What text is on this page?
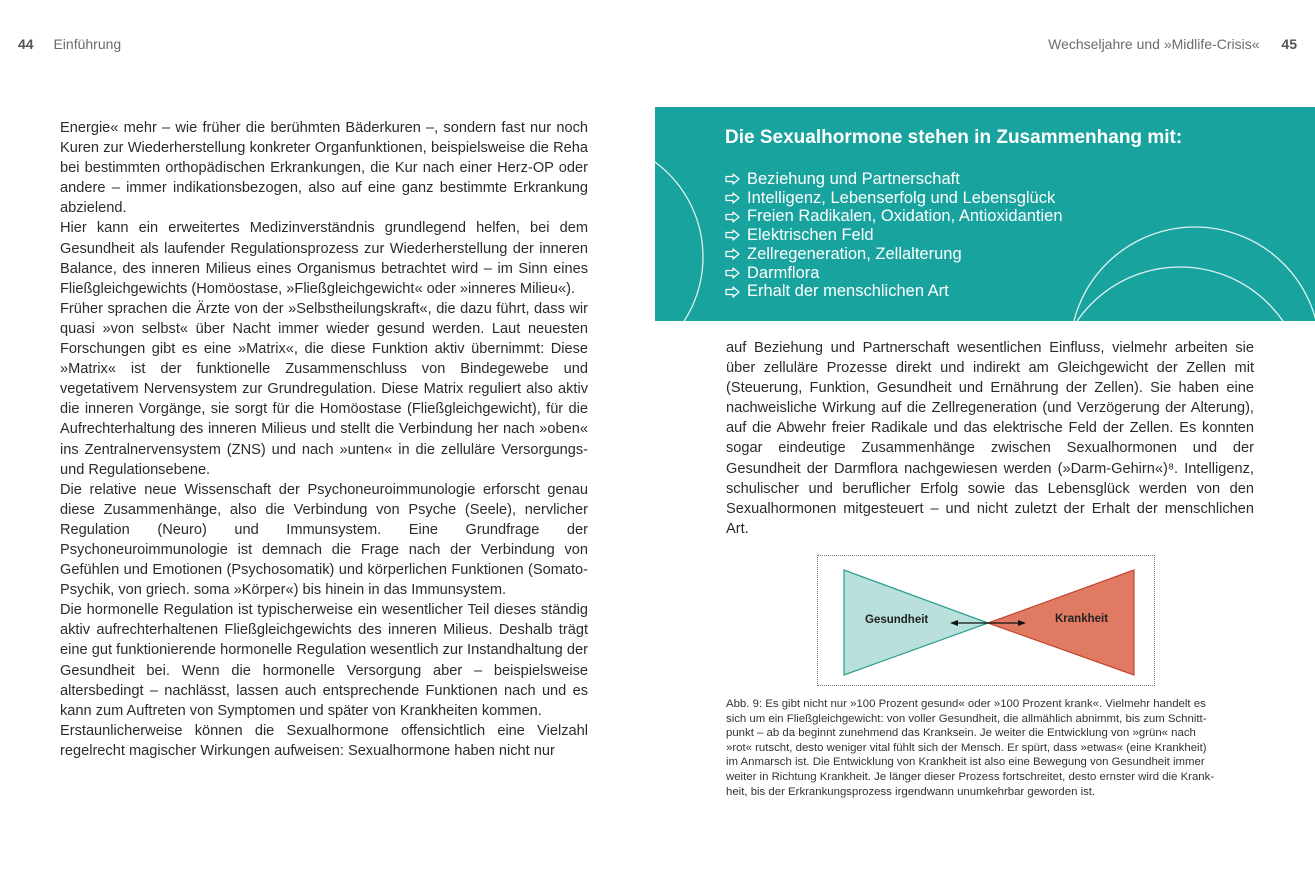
44 Einführung	Wechseljahre und »Midlife-Crisis« 45

Energie« mehr – wie früher die berühmten Bäderkuren –, sondern fast nur noch Kuren zur Wiederherstellung konkreter Organfunktionen, beispielsweise die Reha bei bestimmten orthopädischen Erkrankungen, die Kur nach einer Herz-OP oder andere – immer indikationsbezogen, also auf eine ganz bestimmte Erkrankung abzielend.

Hier kann ein erweitertes Medizinverständnis grundlegend helfen, bei dem Gesundheit als laufender Regulationsprozess zur Wiederherstellung der inneren Balance, des inneren Milieus eines Organismus betrachtet wird – im Sinn eines Fließgleichgewichts (Homöostase, »Fließgleichgewicht« oder »inneres Milieu«).

Früher sprachen die Ärzte von der »Selbstheilungskraft«, die dazu führt, dass wir quasi »von selbst« über Nacht immer wieder gesund werden. Laut neuesten Forschungen gibt es eine »Matrix«, die diese Funktion aktiv übernimmt: Diese »Matrix« ist der funktionelle Zusammenschluss von Bindegewebe und vegetativem Nervensystem zur Grundregulation. Diese Matrix reguliert also aktiv die inneren Vorgänge, sie sorgt für die Homöostase (Fließgleichgewicht), für die Aufrechterhaltung des inneren Milieus und stellt die Verbindung her nach »oben« ins Zentralnervensystem (ZNS) und nach »unten« in die zelluläre Versorgungs- und Regulationsebene.

Die relative neue Wissenschaft der Psychoneuroimmunologie erforscht genau diese Zusammenhänge, also die Verbindung von Psyche (Seele), nervlicher Regulation (Neuro) und Immunsystem. Eine Grundfrage der Psychoneuroimmunologie ist demnach die Frage nach der Verbindung von Gefühlen und Emotionen (Psychosomatik) und körperlichen Funktionen (Somato-Psychik, von griech. soma »Körper«) bis hinein in das Immunsystem.

Die hormonelle Regulation ist typischerweise ein wesentlicher Teil dieses ständig aktiv aufrechterhaltenen Fließgleichgewichts des inneren Milieus. Deshalb trägt eine gut funktionierende hormonelle Regulation wesentlich zur Instandhaltung der Gesundheit bei. Wenn die hormonelle Versorgung aber – beispielsweise altersbedingt – nachlässt, lassen auch entsprechende Funktionen nach und es kann zum Auftreten von Symptomen und später von Krankheiten kommen.

Erstaunlicherweise können die Sexualhormone offensichtlich eine Vielzahl regelrecht magischer Wirkungen aufweisen: Sexualhormone haben nicht nur

Die Sexualhormone stehen in Zusammenhang mit:
Beziehung und Partnerschaft
Intelligenz, Lebenserfolg und Lebensglück
Freien Radikalen, Oxidation, Antioxidantien
Elektrischen Feld
Zellregeneration, Zellalterung
Darmflora
Erhalt der menschlichen Art

auf Beziehung und Partnerschaft wesentlichen Einfluss, vielmehr arbeiten sie über zelluläre Prozesse direkt und indirekt am Gleichgewicht der Zellen mit (Steuerung, Funktion, Gesundheit und Ernährung der Zellen). Sie haben eine nachweisliche Wirkung auf die Zellregeneration (und Verzögerung der Alterung), auf die Abwehr freier Radikale und das elektrische Feld der Zellen. Es konnten sogar eindeutige Zusammenhänge zwischen Sexualhormonen und der Gesundheit der Darmflora nachgewiesen werden (»Darm-Gehirn«)⁸. Intelligenz, schulischer und beruflicher Erfolg sowie das Lebensglück werden von den Sexualhormonen mitgesteuert – und nicht zuletzt der Erhalt der menschlichen Art.

Gesundheit	Krankheit
Abb. 9: Es gibt nicht nur »100 Prozent gesund« oder »100 Prozent krank«. Vielmehr handelt es
sich um ein Fließgleichgewicht: von voller Gesundheit, die allmählich abnimmt, bis zum Schnitt-
punkt – ab da beginnt zunehmend das Kranksein. Je weiter die Entwicklung von »grün« nach
»rot« rutscht, desto weniger vital fühlt sich der Mensch. Er spürt, dass »etwas« (eine Krankheit)
im Anmarsch ist. Die Entwicklung von Krankheit ist also eine Bewegung von Gesundheit immer
weiter in Richtung Krankheit. Je länger dieser Prozess fortschreitet, desto ernster wird die Krank-
heit, bis der Erkrankungsprozess irgendwann unumkehrbar geworden ist.
